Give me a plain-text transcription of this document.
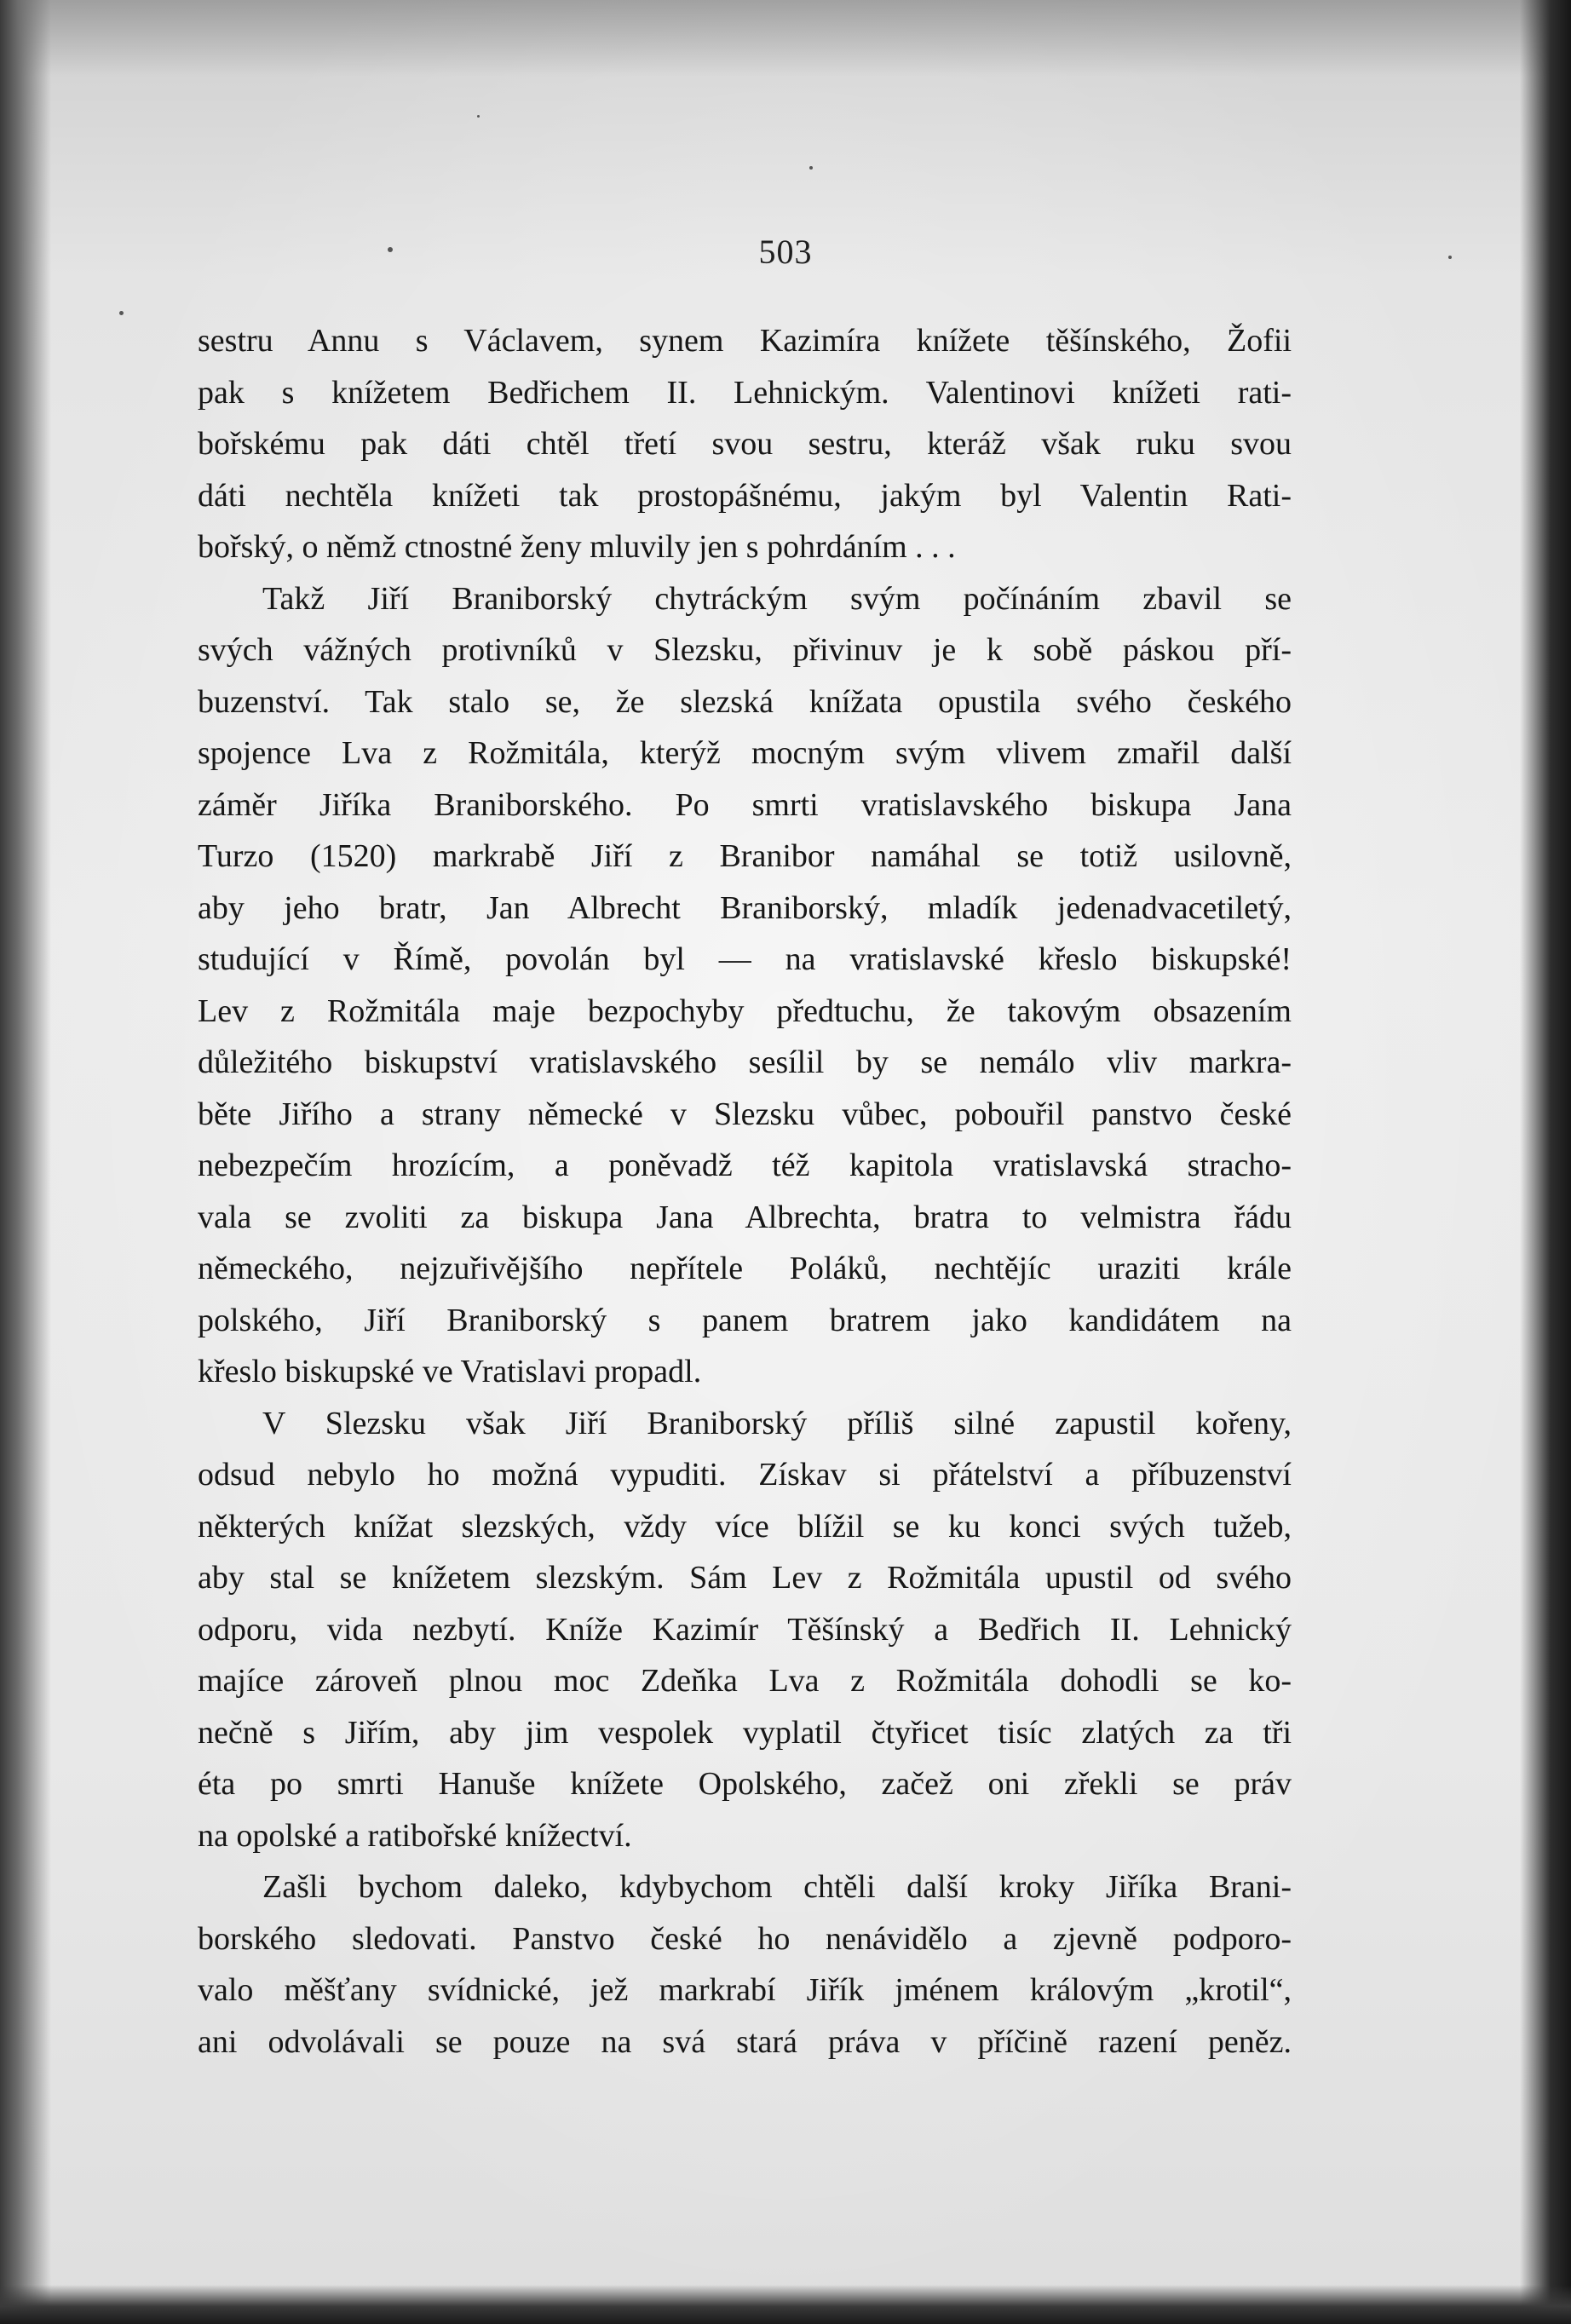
503
sestru Annu s Václavem, synem Kazimíra knížete těšínského, Žofii
pak s knížetem Bedřichem II. Lehnickým. Valentinovi knížeti rati-
bořskému pak dáti chtěl třetí svou sestru, kteráž však ruku svou
dáti nechtěla knížeti tak prostopášnému, jakým byl Valentin Rati-
bořský, o němž ctnostné ženy mluvily jen s pohrdáním . . .
Takž Jiří Braniborský chytráckým svým počínáním zbavil se
svých vážných protivníků v Slezsku, přivinuv je k sobě páskou pří-
buzenství. Tak stalo se, že slezská knížata opustila svého českého
spojence Lva z Rožmitála, kterýž mocným svým vlivem zmařil další
záměr Jiříka Braniborského. Po smrti vratislavského biskupa Jana
Turzo (1520) markrabě Jiří z Branibor namáhal se totiž usilovně,
aby jeho bratr, Jan Albrecht Braniborský, mladík jedenadvacetiletý,
studující v Římě, povolán byl — na vratislavské křeslo biskupské!
Lev z Rožmitála maje bezpochyby předtuchu, že takovým obsazením
důležitého biskupství vratislavského sesílil by se nemálo vliv markra-
běte Jiřího a strany německé v Slezsku vůbec, pobouřil panstvo české
nebezpečím hrozícím, a poněvadž též kapitola vratislavská stracho-
vala se zvoliti za biskupa Jana Albrechta, bratra to velmistra řádu
německého, nejzuřivějšího nepřítele Poláků, nechtějíc uraziti krále
polského, Jiří Braniborský s panem bratrem jako kandidátem na
křeslo biskupské ve Vratislavi propadl.
V Slezsku však Jiří Braniborský příliš silné zapustil kořeny,
odsud nebylo ho možná vypuditi. Získav si přátelství a příbuzenství
některých knížat slezských, vždy více blížil se ku konci svých tužeb,
aby stal se knížetem slezským. Sám Lev z Rožmitála upustil od svého
odporu, vida nezbytí. Kníže Kazimír Těšínský a Bedřich II. Lehnický
majíce zároveň plnou moc Zdeňka Lva z Rožmitála dohodli se ko-
nečně s Jiřím, aby jim vespolek vyplatil čtyřicet tisíc zlatých za tři
éta po smrti Hanuše knížete Opolského, začež oni zřekli se práv
na opolské a ratibořské knížectví.
Zašli bychom daleko, kdybychom chtěli další kroky Jiříka Brani-
borského sledovati. Panstvo české ho nenávidělo a zjevně podporo-
valo měšťany svídnické, jež markrabí Jiřík jménem královým „krotil“,
ani odvolávali se pouze na svá stará práva v příčině razení peněz.
